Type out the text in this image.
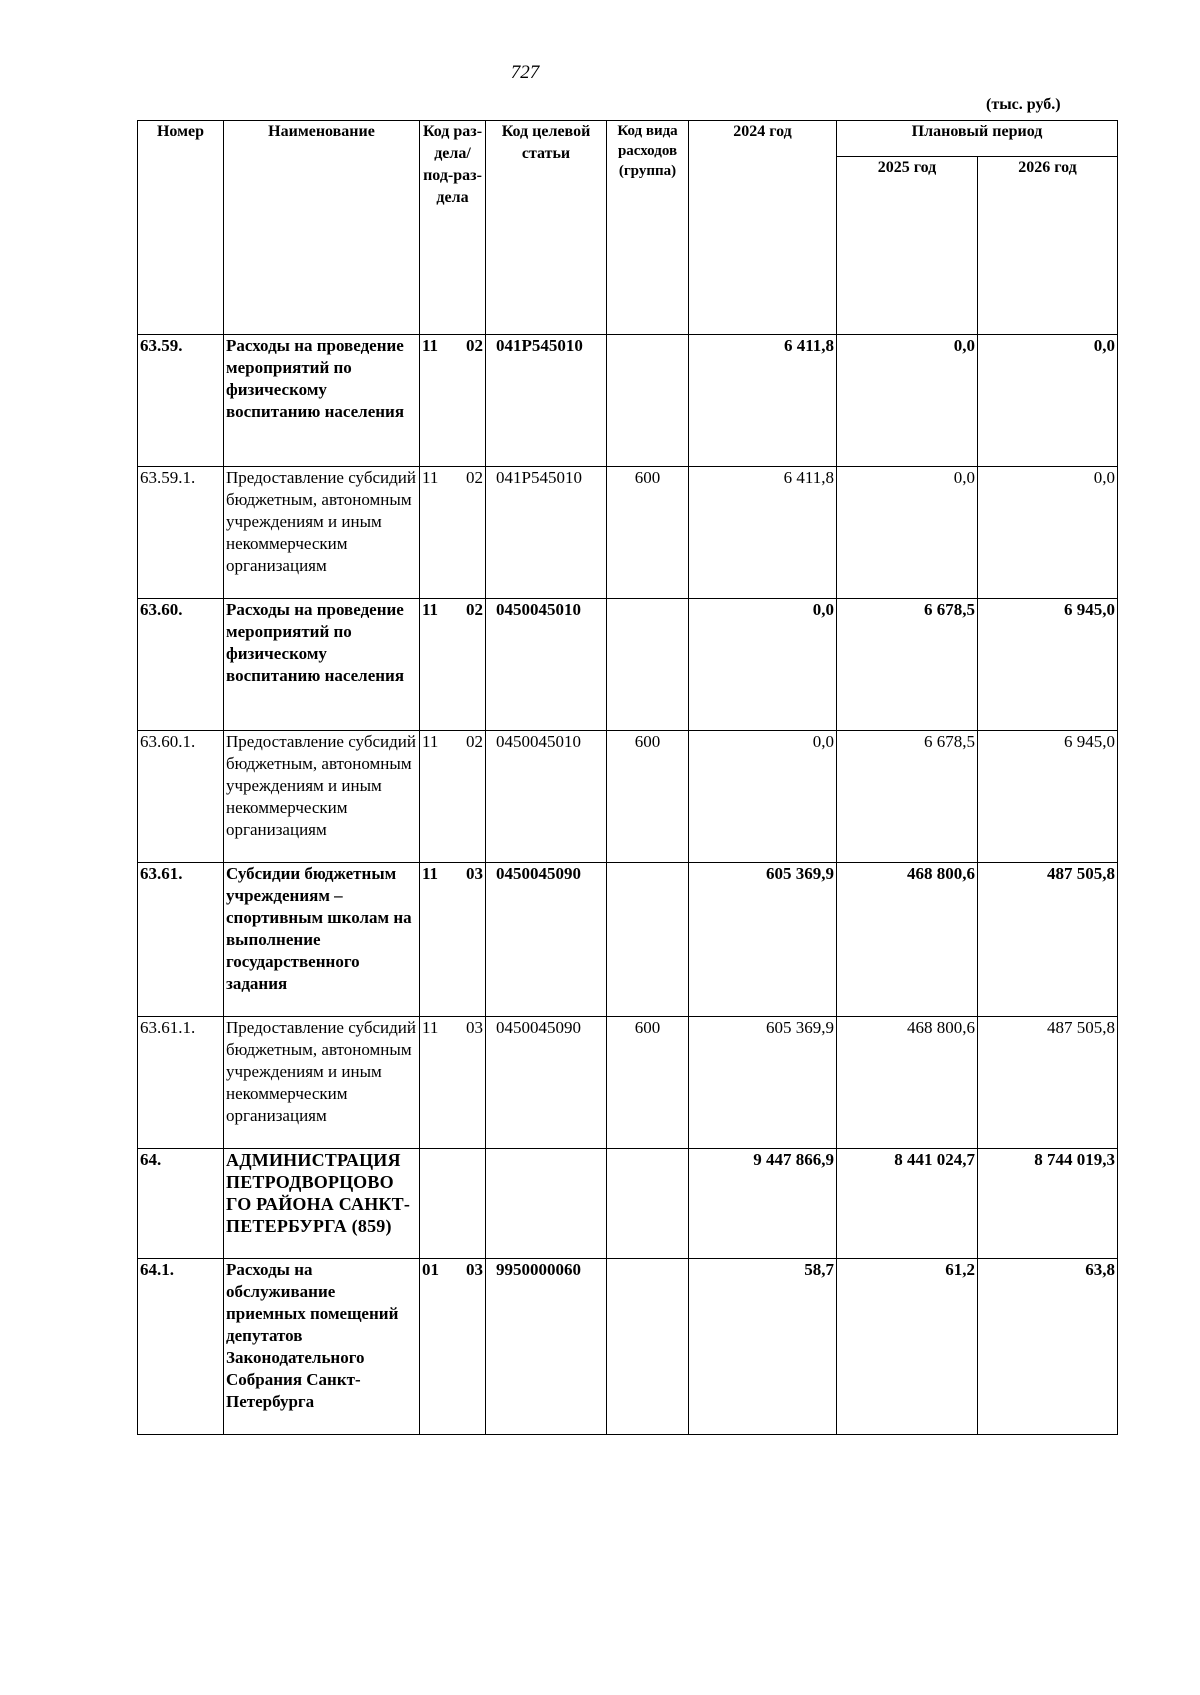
727
(тыс. руб.)
Номер	Наименование	Код раз-дела/ под-раз-дела	Код целевой статьи	Код вида расходов (группа)	2024 год	Плановый период	
						2025 год	2026 год
63.59.	Расходы на проведение мероприятий по физическому воспитанию населения	11 02	041P545010		6 411,8	0,0	0,0
63.59.1.	Предоставление субсидий бюджетным, автономным учреждениям и иным некоммерческим организациям	11 02	041P545010	600	6 411,8	0,0	0,0
63.60.	Расходы на проведение мероприятий по физическому воспитанию населения	11 02	0450045010		0,0	6 678,5	6 945,0
63.60.1.	Предоставление субсидий бюджетным, автономным учреждениям и иным некоммерческим организациям	11 02	0450045010	600	0,0	6 678,5	6 945,0
63.61.	Субсидии бюджетным учреждениям – спортивным школам на выполнение государственного задания	11 03	0450045090		605 369,9	468 800,6	487 505,8
63.61.1.	Предоставление субсидий бюджетным, автономным учреждениям и иным некоммерческим организациям	11 03	0450045090	600	605 369,9	468 800,6	487 505,8
64.	АДМИНИСТРАЦИЯ ПЕТРОДВОРЦОВО ГО РАЙОНА САНКТ-ПЕТЕРБУРГА (859)				9 447 866,9	8 441 024,7	8 744 019,3
64.1.	Расходы на обслуживание приемных помещений депутатов Законодательного Собрания Санкт-Петербурга	01 03	9950000060		58,7	61,2	63,8
